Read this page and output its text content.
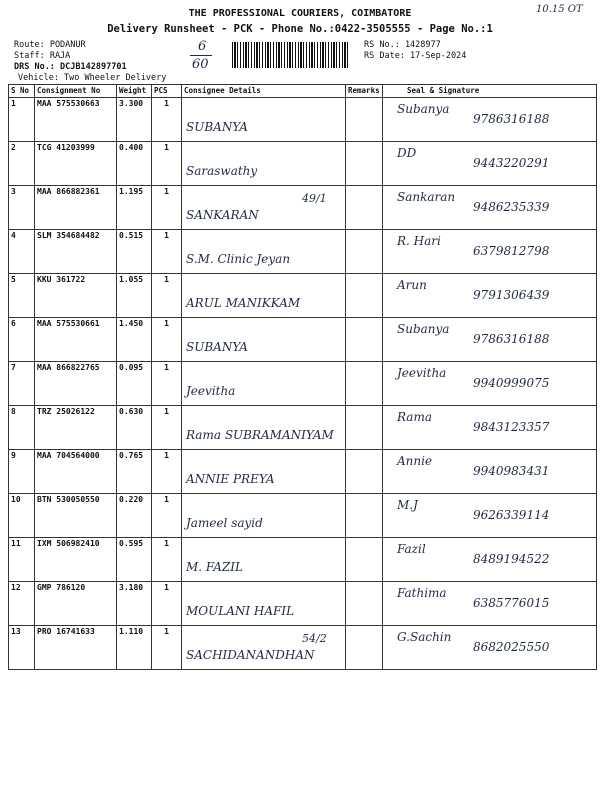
10.15 OT
THE PROFESSIONAL COURIERS, COIMBATORE
Delivery Runsheet - PCK - Phone No.:0422-3505555 - Page No.:1
Route: PODANUR
Staff: RAJA
DRS No.: DCJB142897701
Vehicle: Two Wheeler Delivery
6
60
RS No.: 1428977
RS Date: 17-Sep-2024
S No	Consignment No	Weight	PCS	Consignee Details	Remarks	Seal & Signature
1	MAA 575530663	3.300	1	SUBANYA		Subanya
9786316188

2	TCG 41203999	0.400	1	Saraswathy		DD
9443220291

3	MAA 866882361	1.195	1	SANKARAN
49/1		Sankaran
9486235339

4	SLM 354684482	0.515	1	S.M. Clinic Jeyan		R. Hari
6379812798

5	KKU 361722	1.055	1	ARUL MANIKKAM		Arun
9791306439

6	MAA 575530661	1.450	1	SUBANYA		Subanya
9786316188

7	MAA 866822765	0.095	1	Jeevitha		Jeevitha
9940999075

8	TRZ 25026122	0.630	1	Rama SUBRAMANIYAM		Rama
9843123357

9	MAA 704564000	0.765	1	ANNIE PREYA		Annie
9940983431

10	BTN 530050550	0.220	1	Jameel sayid		M.J
9626339114

11	IXM 506982410	0.595	1	M. FAZIL		Fazil
8489194522

12	GMP 786120	3.180	1	MOULANI HAFIL		Fathima
6385776015

13	PRO 16741633	1.110	1	SACHIDANANDHAN
54/2		G.Sachin
8682025550
